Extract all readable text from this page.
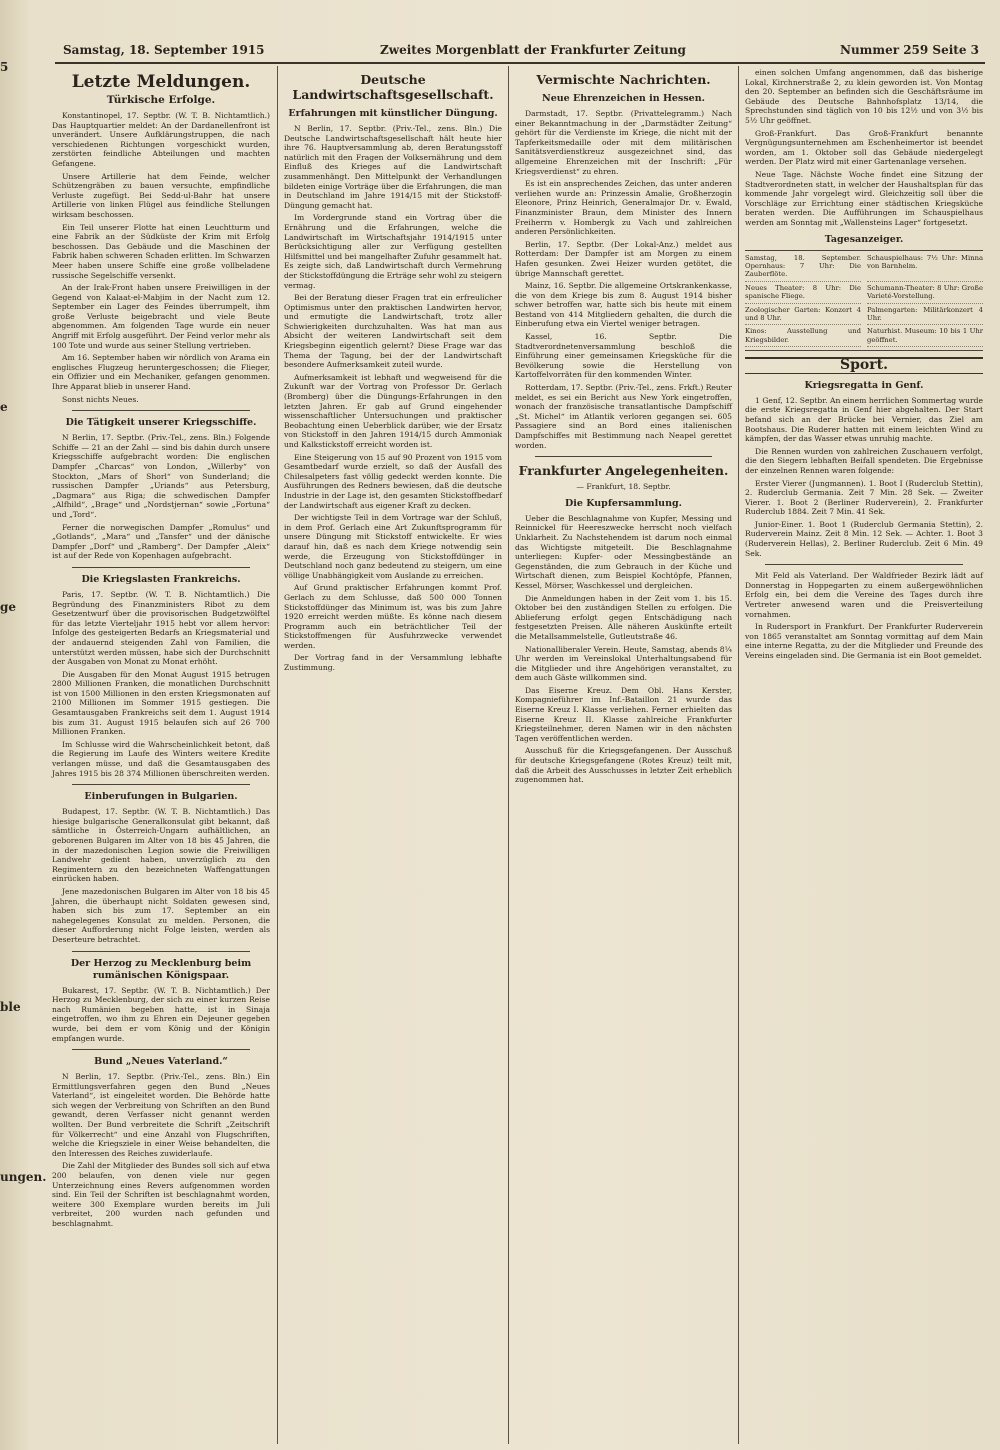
5
e
ge
ble
ungen.
Samstag, 18. September 1915	Zweites Morgenblatt der Frankfurter Zeitung	Nummer 259 Seite 3
Letzte Meldungen.
Türkische Erfolge.

Konstantinopel, 17. Septbr. (W. T. B. Nichtamtlich.) Das Hauptquartier meldet: An der Dardanellenfront ist unverändert. Unsere Aufklärungstruppen, die nach verschiedenen Richtungen vorgeschickt wurden, zerstörten feindliche Abteilungen und machten Gefangene.

Unsere Artillerie hat dem Feinde, welcher Schützengräben zu bauen versuchte, empfindliche Verluste zugefügt. Bei Sedd-ul-Bahr hat unsere Artillerie von linken Flügel aus feindliche Stellungen wirksam beschossen.

Ein Teil unserer Flotte hat einen Leuchtturm und eine Fabrik an der Südküste der Krim mit Erfolg beschossen. Das Gebäude und die Maschinen der Fabrik haben schweren Schaden erlitten. Im Schwarzen Meer haben unsere Schiffe eine große vollbeladene russische Segelschiffe versenkt.

An der Irak-Front haben unsere Freiwilligen in der Gegend von Kalaat-el-Mabjim in der Nacht zum 12. September ein Lager des Feindes überrumpelt, ihm große Verluste beigebracht und viele Beute abgenommen. Am folgenden Tage wurde ein neuer Angriff mit Erfolg ausgeführt. Der Feind verlor mehr als 100 Tote und wurde aus seiner Stellung vertrieben.

Am 16. September haben wir nördlich von Arama ein englisches Flugzeug heruntergeschossen; die Flieger, ein Offizier und ein Mechaniker, gefangen genommen. Ihre Apparat blieb in unserer Hand.

Sonst nichts Neues.

Die Tätigkeit unserer Kriegsschiffe.

N Berlin, 17. Septbr. (Priv.-Tel., zens. Bln.) Folgende Schiffe — 21 an der Zahl — sind bis dahin durch unsere Kriegsschiffe aufgebracht worden: Die englischen Dampfer „Charcas“ von London, „Willerby“ von Stockton, „Mars of Shorl“ von Sunderland; die russischen Dampfer „Uriands“ aus Petersburg, „Dagmara“ aus Riga; die schwedischen Dampfer „Alfhild“, „Brage“ und „Nordstjernan“ sowie „Fortuna“ und „Tord“.

Ferner die norwegischen Dampfer „Romulus“ und „Gotlands“, „Mara“ und „Tansfer“ und der dänische Dampfer „Dorf“ und „Ramberg“. Der Dampfer „Aleix“ ist auf der Rede von Kopenhagen aufgebracht.

Die Kriegslasten Frankreichs.

Paris, 17. Septbr. (W. T. B. Nichtamtlich.) Die Begründung des Finanzministers Ribot zu dem Gesetzentwurf über die provisorischen Budgetzwölftel für das letzte Vierteljahr 1915 hebt vor allem hervor: Infolge des gesteigerten Bedarfs an Kriegsmaterial und der andauernd steigenden Zahl von Familien, die unterstützt werden müssen, habe sich der Durchschnitt der Ausgaben von Monat zu Monat erhöht.

Die Ausgaben für den Monat August 1915 betrugen 2800 Millionen Franken, die monatlichen Durchschnitt ist von 1500 Millionen in den ersten Kriegsmonaten auf 2100 Millionen im Sommer 1915 gestiegen. Die Gesamtausgaben Frankreichs seit dem 1. August 1914 bis zum 31. August 1915 belaufen sich auf 26 700 Millionen Franken.

Im Schlusse wird die Wahrscheinlichkeit betont, daß die Regierung im Laufe des Winters weitere Kredite verlangen müsse, und daß die Gesamtausgaben des Jahres 1915 bis 28 374 Millionen überschreiten werden.

Einberufungen in Bulgarien.

Budapest, 17. Septbr. (W. T. B. Nichtamtlich.) Das hiesige bulgarische Generalkonsulat gibt bekannt, daß sämtliche in Österreich-Ungarn aufhältlichen, an geborenen Bulgaren im Alter von 18 bis 45 Jahren, die in der mazedonischen Legion sowie die Freiwilligen Landwehr gedient haben, unverzüglich zu den Regimentern zu den bezeichneten Waffengattungen einrücken haben.

Jene mazedonischen Bulgaren im Alter von 18 bis 45 Jahren, die überhaupt nicht Soldaten gewesen sind, haben sich bis zum 17. September an ein nahegelegenes Konsulat zu melden. Personen, die dieser Aufforderung nicht Folge leisten, werden als Deserteure betrachtet.

Der Herzog zu Mecklenburg beim rumänischen Königspaar.

Bukarest, 17. Septbr. (W. T. B. Nichtamtlich.) Der Herzog zu Mecklenburg, der sich zu einer kurzen Reise nach Rumänien begeben hatte, ist in Sinaja eingetroffen, wo ihm zu Ehren ein Dejeuner gegeben wurde, bei dem er vom König und der Königin empfangen wurde.

Bund „Neues Vaterland.“

N Berlin, 17. Septbr. (Priv.-Tel., zens. Bln.) Ein Ermittlungsverfahren gegen den Bund „Neues Vaterland“, ist eingeleitet worden. Die Behörde hatte sich wegen der Verbreitung von Schriften an den Bund gewandt, deren Verfasser nicht genannt werden wollten. Der Bund verbreitete die Schrift „Zeitschrift für Völkerrecht“ und eine Anzahl von Flugschriften, welche die Kriegsziele in einer Weise behandelten, die den Interessen des Reiches zuwiderlaufe.

Die Zahl der Mitglieder des Bundes soll sich auf etwa 200 belaufen, von denen viele nur gegen Unterzeichnung eines Revers aufgenommen worden sind. Ein Teil der Schriften ist beschlagnahmt worden, weitere 300 Exemplare wurden bereits im Juli verbreitet, 200 wurden nach gefunden und beschlagnahmt.

Deutsche Landwirtschaftsgesellschaft.
Erfahrungen mit künstlicher Düngung.

N Berlin, 17. Septbr. (Priv.-Tel., zens. Bln.) Die Deutsche Landwirtschaftsgesellschaft hält heute hier ihre 76. Hauptversammlung ab, deren Beratungsstoff natürlich mit den Fragen der Volksernährung und dem Einfluß des Krieges auf die Landwirtschaft zusammenhängt. Den Mittelpunkt der Verhandlungen bildeten einige Vorträge über die Erfahrungen, die man in Deutschland im Jahre 1914/15 mit der Stickstoff-Düngung gemacht hat.

Im Vordergrunde stand ein Vortrag über die Ernährung und die Erfahrungen, welche die Landwirtschaft im Wirtschaftsjahr 1914/1915 unter Berücksichtigung aller zur Verfügung gestellten Hilfsmittel und bei mangelhafter Zufuhr gesammelt hat. Es zeigte sich, daß Landwirtschaft durch Vermehrung der Stickstoffdüngung die Erträge sehr wohl zu steigern vermag.

Bei der Beratung dieser Fragen trat ein erfreulicher Optimismus unter den praktischen Landwirten hervor, und ermutigte die Landwirtschaft, trotz aller Schwierigkeiten durchzuhalten. Was hat man aus Absicht der weiteren Landwirtschaft seit dem Kriegsbeginn eigentlich gelernt? Diese Frage war das Thema der Tagung, bei der der Landwirtschaft besondere Aufmerksamkeit zuteil wurde.

Aufmerksamkeit ist lebhaft und wegweisend für die Zukunft war der Vortrag von Professor Dr. Gerlach (Bromberg) über die Düngungs-Erfahrungen in den letzten Jahren. Er gab auf Grund eingehender wissenschaftlicher Untersuchungen und praktischer Beobachtung einen Ueberblick darüber, wie der Ersatz von Stickstoff in den Jahren 1914/15 durch Ammoniak und Kalkstickstoff erreicht worden ist.

Eine Steigerung von 15 auf 90 Prozent von 1915 vom Gesamtbedarf wurde erzielt, so daß der Ausfall des Chilesalpeters fast völlig gedeckt werden konnte. Die Ausführungen des Redners bewiesen, daß die deutsche Industrie in der Lage ist, den gesamten Stickstoffbedarf der Landwirtschaft aus eigener Kraft zu decken.

Der wichtigste Teil in dem Vortrage war der Schluß, in dem Prof. Gerlach eine Art Zukunftsprogramm für unsere Düngung mit Stickstoff entwickelte. Er wies darauf hin, daß es nach dem Kriege notwendig sein werde, die Erzeugung von Stickstoffdünger in Deutschland noch ganz bedeutend zu steigern, um eine völlige Unabhängigkeit vom Auslande zu erreichen.

Auf Grund praktischer Erfahrungen kommt Prof. Gerlach zu dem Schlusse, daß 500 000 Tonnen Stickstoffdünger das Minimum ist, was bis zum Jahre 1920 erreicht werden müßte. Es könne nach diesem Programm auch ein beträchtlicher Teil der Stickstoffmengen für Ausfuhrzwecke verwendet werden.

Der Vortrag fand in der Versammlung lebhafte Zustimmung.

Vermischte Nachrichten.
Neue Ehrenzeichen in Hessen.

Darmstadt, 17. Septbr. (Privattelegramm.) Nach einer Bekanntmachung in der „Darmstädter Zeitung“ gehört für die Verdienste im Kriege, die nicht mit der Tapferkeitsmedaille oder mit dem militärischen Sanitätsverdienstkreuz ausgezeichnet sind, das allgemeine Ehrenzeichen mit der Inschrift: „Für Kriegsverdienst“ zu ehren.

Es ist ein ansprechendes Zeichen, das unter anderen verliehen wurde an: Prinzessin Amalie, Großherzogin Eleonore, Prinz Heinrich, Generalmajor Dr. v. Ewald, Finanzminister Braun, dem Minister des Innern Freiherrn v. Hombergk zu Vach und zahlreichen anderen Persönlichkeiten.

Berlin, 17. Septbr. (Der Lokal-Anz.) meldet aus Rotterdam: Der Dampfer ist am Morgen zu einem Hafen gesunken. Zwei Heizer wurden getötet, die übrige Mannschaft gerettet.

Mainz, 16. Septbr. Die allgemeine Ortskrankenkasse, die von dem Kriege bis zum 8. August 1914 bisher schwer betroffen war, hatte sich bis heute mit einem Bestand von 414 Mitgliedern gehalten, die durch die Einberufung etwa ein Viertel weniger betragen.

Kassel, 16. Septbr. Die Stadtverordnetenversammlung beschloß die Einführung einer gemeinsamen Kriegsküche für die Bevölkerung sowie die Herstellung von Kartoffelvorräten für den kommenden Winter.

Rotterdam, 17. Septbr. (Priv.-Tel., zens. Frkft.) Reuter meldet, es sei ein Bericht aus New York eingetroffen, wonach der französische transatlantische Dampfschiff „St. Michel“ im Atlantik verloren gegangen sei. 605 Passagiere sind an Bord eines italienischen Dampfschiffes mit Bestimmung nach Neapel gerettet worden.

Frankfurter Angelegenheiten.
— Frankfurt, 18. Septbr.
Die Kupfersammlung.

Ueber die Beschlagnahme von Kupfer, Messing und Reinnickel für Heereszwecke herrscht noch vielfach Unklarheit. Zu Nachstehendem ist darum noch einmal das Wichtigste mitgeteilt. Die Beschlagnahme unterliegen: Kupfer- oder Messingbestände an Gegenständen, die zum Gebrauch in der Küche und Wirtschaft dienen, zum Beispiel Kochtöpfe, Pfannen, Kessel, Mörser, Waschkessel und dergleichen.

Die Anmeldungen haben in der Zeit vom 1. bis 15. Oktober bei den zuständigen Stellen zu erfolgen. Die Ablieferung erfolgt gegen Entschädigung nach festgesetzten Preisen. Alle näheren Auskünfte erteilt die Metallsammelstelle, Gutleutstraße 46.

Nationalliberaler Verein. Heute, Samstag, abends 8¼ Uhr werden im Vereinslokal Unterhaltungsabend für die Mitglieder und ihre Angehörigen veranstaltet, zu dem auch Gäste willkommen sind.

Das Eiserne Kreuz. Dem Obl. Hans Kerster, Kompagnieführer im Inf.-Bataillon 21 wurde das Eiserne Kreuz I. Klasse verliehen. Ferner erhielten das Eiserne Kreuz II. Klasse zahlreiche Frankfurter Kriegsteilnehmer, deren Namen wir in den nächsten Tagen veröffentlichen werden.

Ausschuß für die Kriegsgefangenen. Der Ausschuß für deutsche Kriegsgefangene (Rotes Kreuz) teilt mit, daß die Arbeit des Ausschusses in letzter Zeit erheblich zugenommen hat.

einen solchen Umfang angenommen, daß das bisherige Lokal, Kirchnerstraße 2, zu klein geworden ist. Von Montag den 20. September an befinden sich die Geschäftsräume im Gebäude des Deutsche Bahnhofsplatz 13/14, die Sprechstunden sind täglich von 10 bis 12½ und von 3½ bis 5½ Uhr geöffnet.

Groß-Frankfurt. Das Groß-Frankfurt benannte Vergnügungsunternehmen am Eschenheimertor ist beendet worden, am 1. Oktober soll das Gebäude niedergelegt werden. Der Platz wird mit einer Gartenanlage versehen.

Neue Tage. Nächste Woche findet eine Sitzung der Stadtverordneten statt, in welcher der Haushaltsplan für das kommende Jahr vorgelegt wird. Gleichzeitig soll über die Vorschläge zur Errichtung einer städtischen Kriegsküche beraten werden. Die Aufführungen im Schauspielhaus werden am Sonntag mit „Wallensteins Lager“ fortgesetzt.

Tagesanzeiger.
Samstag, 18. September. Opernhaus: 7 Uhr: Die Zauberflöte.
Schauspielhaus: 7½ Uhr: Minna von Barnhelm.
Neues Theater: 8 Uhr: Die spanische Fliege.
Schumann-Theater: 8 Uhr: Große Varieté-Vorstellung.
Zoologischer Garten: Konzert 4 und 8 Uhr.
Palmengarten: Militärkonzert 4 Uhr.
Kinos: Ausstellung und Kriegsbilder.
Naturhist. Museum: 10 bis 1 Uhr geöffnet.
Sport.
Kriegsregatta in Genf.

1 Genf, 12. Septbr. An einem herrlichen Sommertag wurde die erste Kriegsregatta in Genf hier abgehalten. Der Start befand sich an der Brücke bei Vernier, das Ziel am Bootshaus. Die Ruderer hatten mit einem leichten Wind zu kämpfen, der das Wasser etwas unruhig machte.

Die Rennen wurden von zahlreichen Zuschauern verfolgt, die den Siegern lebhaften Beifall spendeten. Die Ergebnisse der einzelnen Rennen waren folgende:

Erster Vierer (Jungmannen). 1. Boot I (Ruderclub Stettin), 2. Ruderclub Germania. Zeit 7 Min. 28 Sek. — Zweiter Vierer. 1. Boot 2 (Berliner Ruderverein), 2. Frankfurter Ruderclub 1884. Zeit 7 Min. 41 Sek.

Junior-Einer. 1. Boot 1 (Ruderclub Germania Stettin), 2. Ruderverein Mainz. Zeit 8 Min. 12 Sek. — Achter. 1. Boot 3 (Ruderverein Hellas), 2. Berliner Ruderclub. Zeit 6 Min. 49 Sek.

Mit Feld als Vaterland. Der Waldfrieder Bezirk lädt auf Donnerstag in Hoppegarten zu einem außergewöhnlichen Erfolg ein, bei dem die Vereine des Tages durch ihre Vertreter anwesend waren und die Preisverteilung vornahmen.

In Rudersport in Frankfurt. Der Frankfurter Ruderverein von 1865 veranstaltet am Sonntag vormittag auf dem Main eine interne Regatta, zu der die Mitglieder und Freunde des Vereins eingeladen sind. Die Germania ist ein Boot gemeldet.
